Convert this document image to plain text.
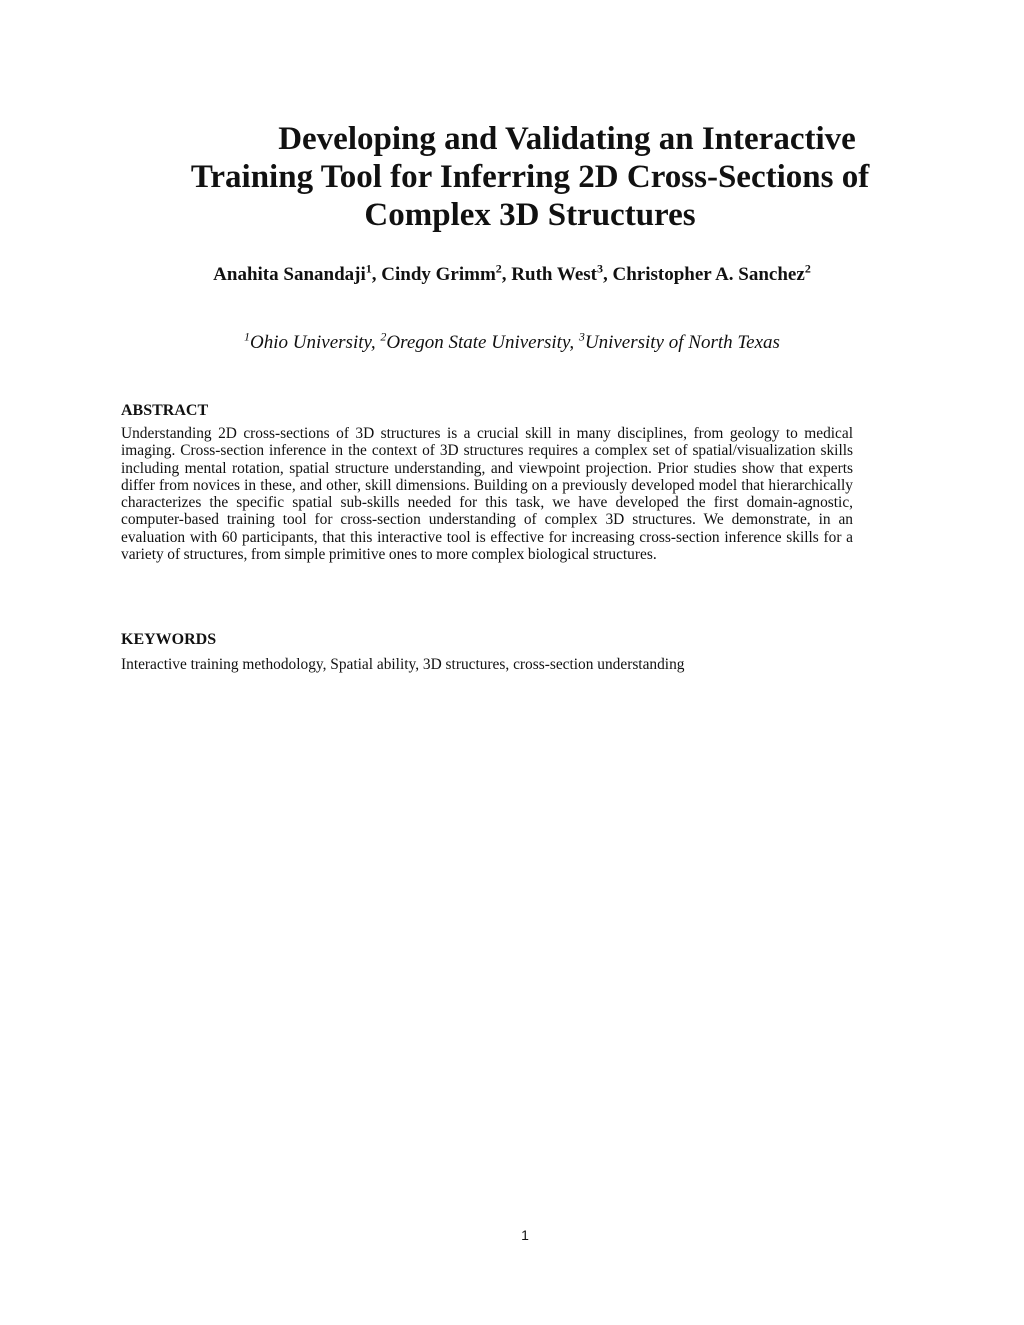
Developing and Validating an Interactive
Training Tool for Inferring 2D Cross-Sections of
Complex 3D Structures
Anahita Sanandaji$^1$, Cindy Grimm$^2$, Ruth West$^3$, Christopher A. Sanchez$^2$
$^1$Ohio University, $^2$Oregon State University, $^3$University of North Texas
ABSTRACT

Understanding 2D cross-sections of 3D structures is a crucial skill in many disciplines, from geology to medical imaging. Cross-section inference in the context of 3D structures requires a complex set of spatial/visualization skills including mental rotation, spatial structure understanding, and viewpoint projection. Prior studies show that experts differ from novices in these, and other, skill dimensions. Building on a previously developed model that hierarchically characterizes the specific spatial sub-skills needed for this task, we have developed the first domain-agnostic, computer-based training tool for cross-section understanding of complex 3D structures. We demonstrate, in an evaluation with 60 participants, that this interactive tool is effective for increasing cross-section inference skills for a variety of structures, from simple primitive ones to more complex biological structures.

KEYWORDS

Interactive training methodology, Spatial ability, 3D structures, cross-section understanding

1
